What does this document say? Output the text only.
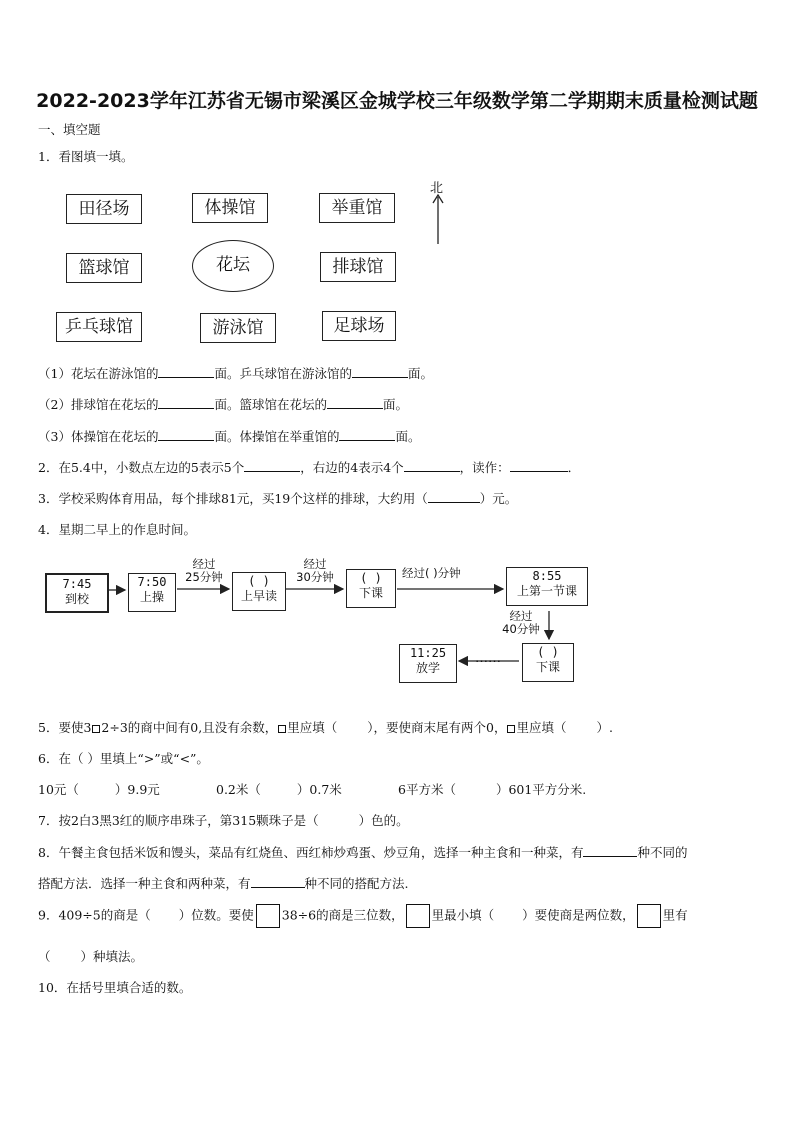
2022-2023学年江苏省无锡市梁溪区金城学校三年级数学第二学期期末质量检测试题
一、填空题
1．看图填一填。
田径场	体操馆	举重馆
篮球馆	花坛	排球馆
乒乓球馆	游泳馆	足球场
北
（1）花坛在游泳馆的	面。乒乓球馆在游泳馆的	面。
（2）排球馆在花坛的	面。篮球馆在花坛的	面。
（3）体操馆在花坛的	面。体操馆在举重馆的	面。
2．在5.4中，小数点左边的5表示5个	，右边的4表示4个	，读作：	．
3．学校采购体育用品，每个排球81元，买19个这样的排球，大约用（	）元。
4．星期二早上的作息时间。
7:45
到校
7:50
上操
( )
上早读
( )
下课
8:55
上第一节课
( )
下课
11:25
放学
经过
25分钟
经过
30分钟	经过( )分钟
经过
40分钟
……
5．要使3 2÷3的商中间有0,且没有余数， 里应填（ ），要使商末尾有两个0， 里应填（ ）.
6．在（ ）里填上“>”或“<”。
10元（	）9.9元	0.2米（	）0.7米	6平方米（	）601平方分米.
7．按2白3黑3红的顺序串珠子，第315颗珠子是（	）色的。
8．午餐主食包括米饭和馒头，菜品有红烧鱼、西红柿炒鸡蛋、炒豆角，选择一种主食和一种菜，有	种不同的
搭配方法．选择一种主食和两种菜，有	种不同的搭配方法.
9．409÷5的商是（ ）位数。要使 38÷6的商是三位数， 里最小填（ ）要使商是两位数， 里有
（ ）种填法。
10．在括号里填合适的数。
